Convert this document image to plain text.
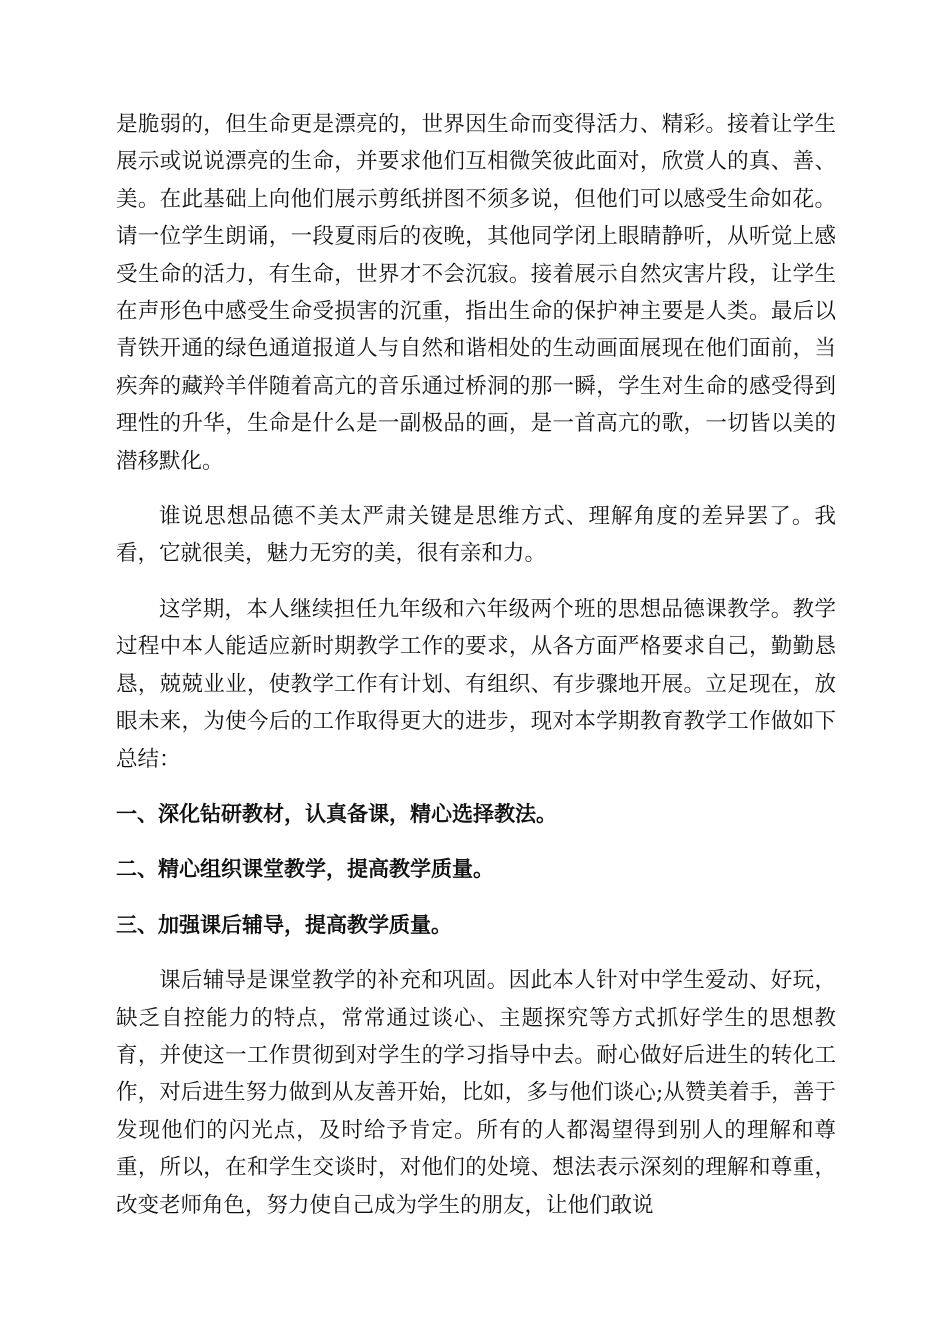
是脆弱的，但生命更是漂亮的，世界因生命而变得活力、精彩。接着让学生展示或说说漂亮的生命，并要求他们互相微笑彼此面对，欣赏人的真、善、美。在此基础上向他们展示剪纸拼图不须多说，但他们可以感受生命如花。请一位学生朗诵，一段夏雨后的夜晚，其他同学闭上眼睛静听，从听觉上感受生命的活力，有生命，世界才不会沉寂。接着展示自然灾害片段，让学生在声形色中感受生命受损害的沉重，指出生命的保护神主要是人类。最后以青铁开通的绿色通道报道人与自然和谐相处的生动画面展现在他们面前，当疾奔的藏羚羊伴随着高亢的音乐通过桥洞的那一瞬，学生对生命的感受得到理性的升华，生命是什么是一副极品的画，是一首高亢的歌，一切皆以美的潜移默化。

谁说思想品德不美太严肃关键是思维方式、理解角度的差异罢了。我看，它就很美，魅力无穷的美，很有亲和力。

这学期，本人继续担任九年级和六年级两个班的思想品德课教学。教学过程中本人能适应新时期教学工作的要求，从各方面严格要求自己，勤勤恳恳，兢兢业业，使教学工作有计划、有组织、有步骤地开展。立足现在，放眼未来，为使今后的工作取得更大的进步，现对本学期教育教学工作做如下总结：

一、深化钻研教材，认真备课，精心选择教法。

二、精心组织课堂教学，提高教学质量。

三、加强课后辅导，提高教学质量。

课后辅导是课堂教学的补充和巩固。因此本人针对中学生爱动、好玩，缺乏自控能力的特点，常常通过谈心、主题探究等方式抓好学生的思想教育，并使这一工作贯彻到对学生的学习指导中去。耐心做好后进生的转化工作，对后进生努力做到从友善开始，比如，多与他们谈心;从赞美着手，善于发现他们的闪光点，及时给予肯定。所有的人都渴望得到别人的理解和尊重，所以，在和学生交谈时，对他们的处境、想法表示深刻的理解和尊重，改变老师角色，努力使自己成为学生的朋友，让他们敢说
